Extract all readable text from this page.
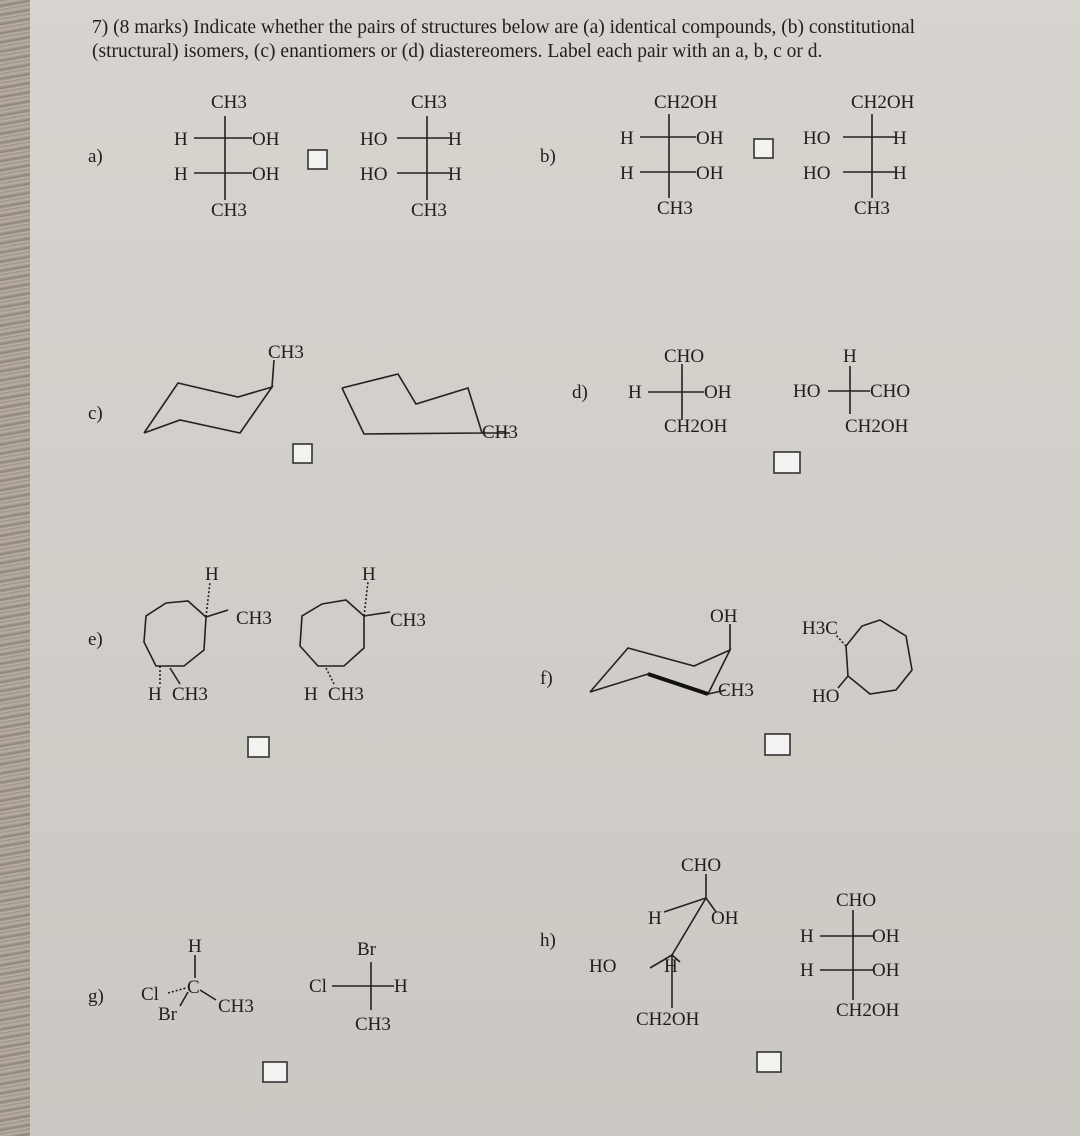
7) (8 marks) Indicate whether the pairs of structures below are (a) identical compounds, (b) constitutional
(structural) isomers, (c) enantiomers or (d) diastereomers. Label each pair with an a, b, c or d.
a)	b)
c)
d)
e)
f)
g)
h)
CH3
H	OH
H	OH
CH3
CH3
HO	H
HO	H
CH3
CH2OH
H	OH
H	OH
CH3
CH2OH
HO	H
HO	H
CH3
CH3
CH3
CHO
H	OH
CH2OH
H
HO	CHO
CH2OH
H
CH3
H CH3
H
CH3
H CH3
OH
CH3
H3C
HO
H
C
Cl
CH3
Br
Br
Cl	H
CH3
CHO
H	OH
HO	H
CH2OH
CHO
H	OH
H	OH
CH2OH
